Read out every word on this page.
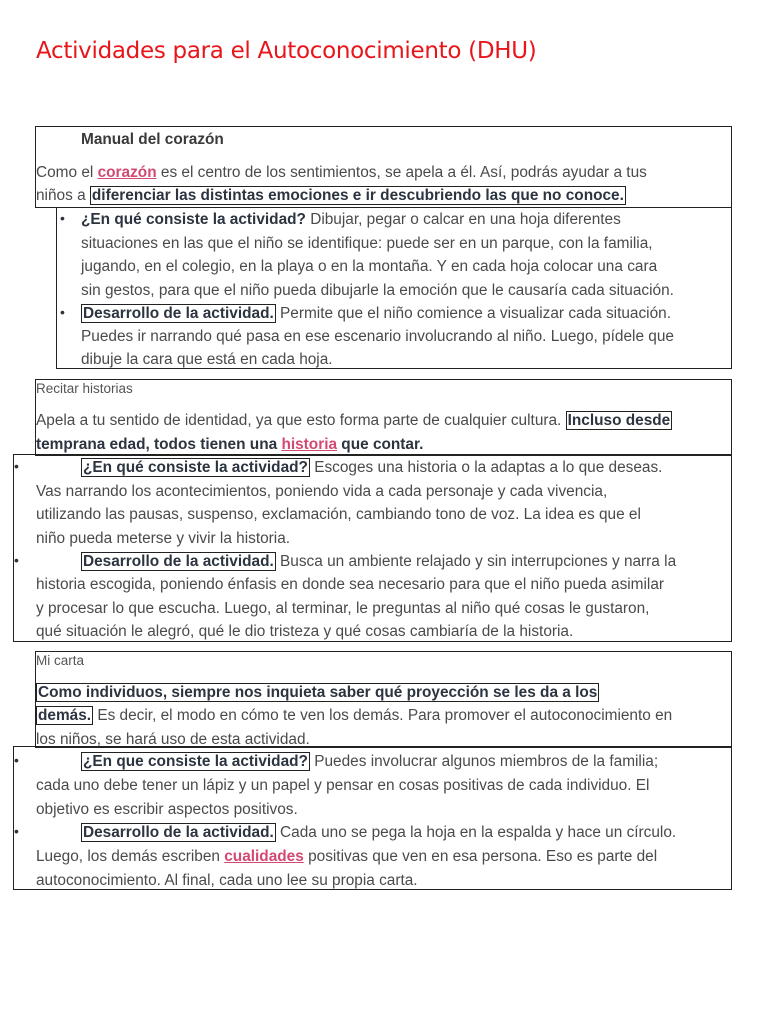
Actividades para el Autoconocimiento (DHU)
Manual del corazón
Como el corazón es el centro de los sentimientos, se apela a él. Así, podrás ayudar a tus
niños a diferenciar las distintas emociones e ir descubriendo las que no conoce.
• ¿En qué consiste la actividad? Dibujar, pegar o calcar en una hoja diferentes
situaciones en las que el niño se identifique: puede ser en un parque, con la familia,
jugando, en el colegio, en la playa o en la montaña. Y en cada hoja colocar una cara
sin gestos, para que el niño pueda dibujarle la emoción que le causaría cada situación.
• Desarrollo de la actividad. Permite que el niño comience a visualizar cada situación.
Puedes ir narrando qué pasa en ese escenario involucrando al niño. Luego, pídele que
dibuje la cara que está en cada hoja.
Recitar historias
Apela a tu sentido de identidad, ya que esto forma parte de cualquier cultura. Incluso desde
temprana edad, todos tienen una historia que contar.
•	¿En qué consiste la actividad? Escoges una historia o la adaptas a lo que deseas.
Vas narrando los acontecimientos, poniendo vida a cada personaje y cada vivencia,
utilizando las pausas, suspenso, exclamación, cambiando tono de voz. La idea es que el
niño pueda meterse y vivir la historia.
•	Desarrollo de la actividad. Busca un ambiente relajado y sin interrupciones y narra la
historia escogida, poniendo énfasis en donde sea necesario para que el niño pueda asimilar
y procesar lo que escucha. Luego, al terminar, le preguntas al niño qué cosas le gustaron,
qué situación le alegró, qué le dio tristeza y qué cosas cambiaría de la historia.
Mi carta
Como individuos, siempre nos inquieta saber qué proyección se les da a los
demás. Es decir, el modo en cómo te ven los demás. Para promover el autoconocimiento en
los niños, se hará uso de esta actividad.
•	¿En que consiste la actividad? Puedes involucrar algunos miembros de la familia;
cada uno debe tener un lápiz y un papel y pensar en cosas positivas de cada individuo. El
objetivo es escribir aspectos positivos.
•	Desarrollo de la actividad. Cada uno se pega la hoja en la espalda y hace un círculo.
Luego, los demás escriben cualidades positivas que ven en esa persona. Eso es parte del
autoconocimiento. Al final, cada uno lee su propia carta.
